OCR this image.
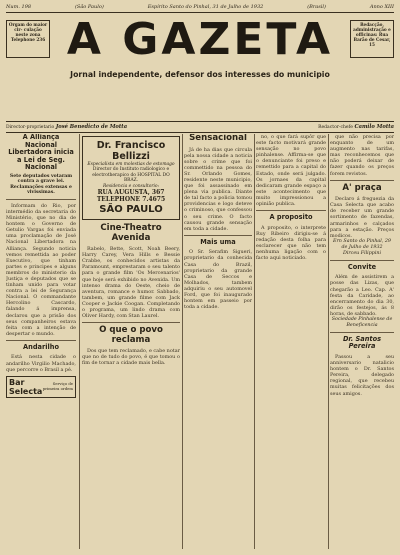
Num. 198	(São Paulo)	Espírito Santo do Pinhal, 31 de Julho de 1932	(Brasil)	Anno XIII
Orgam do maior cir- culação neste zona Telephone 236 A GAZETA	Redacção, administração e officinas: Rua Barão de Cesar, 15
Jornal independente, defensor dos interesses do municipio
Director-proprietario José Benedicto de Motta	Redactor-chefe Camilo Motta
A Alliança Nacional Libertadora inicia a Lei de Seg. Nacional
Sete deputados votaram contra a grave lei. Reclamações extensas e vivissimas.
Informam do Rio, por intermédio da secretaria do Ministério, que no dia de hontem o Governo de Getulio Vargas foi enviada uma proclamação de José Nacional Libertadora na Alliança. Segundo noticia vemos remettida ao poder Executivo, que tinham partes e principes e alguns membros do ministerio da Justiça e deputados que se tinham unido para votar contra a lei de Segurança Nacional. O commandante Hercolino Cascardo, falando á imprensa, declarou que a prisão dos seus companheiros estava feita com a intenção de despertar o mundo.
Andarilho
Está nesta cidade o andarilho Virgilio Machado, que percorre o Brasil a pé.
Bar Selecta
Serviço de primeira ordem
Dr. Francisco Bellizzi
Especialista em molestias de estomago
Director do Instituto radiologico e electrotherapico do HOSPITAL DO BRAZ.
Residencia e consultorio:
RUA AUGUSTA, 367
TELEPHONE 7.4675
SÃO PAULO
Cine-Theatro Avenida
Rabelo, Bette, Scott, Noah Beery, Harry Carey, Vera Hills e Bessie Crabbe, os conhecidos artistas da Paramount, emprestaram o seu talento para o grande film 'Os Mercenarios' que hoje será exhibido no Avenida. Um intenso drama do Oeste, cheio de aventura, romance e humor. Sabbado, tambem, um grande filme com Jack Cooper e Jackie Coogan. Completando o programa, um lindo drama com Oliver Hardy, com Stan Laurel.
O que o povo reclama
Dos que tem reclamado, e cabe notar que no de tudo do povo, é que tomou o fim de tornar a cidade mais bella.
Sensacional
Já de ha dias que circula pela nossa cidade a noticia sobre o crime que foi commettido na pessoa do Sr. Orlando Gomes, residente neste municipio, que foi assassinado em plena via publica. Diante de tal facto a policia tomou providencias e logo deteve o criminoso, que confessou o seu crime. O facto causou grande sensação em toda a cidade.
Mais uma
O Sr. Serafim Sigueri, proprietario da conhecida Casa do Brazil, proprietario da grande Casa de Seccos e Molhados, tambem adquiriu o seu automovel Ford, que foi inaugurado hontem em passeio por toda a cidade.
no, o que fará supôr que este facto motivará grande sensação no povo pinhalense. Affirma-se que o denunciante foi preso e remettido para a capital do Estado, onde será julgado. Os jornaes da capital dedicaram grande espaço a este acontecimento que muito impressionou a opinião publica.
A proposito
A proposito, o interprete Ruy Ribeiro dirigiu-se á redação desta folha para esclarecer que não tem nenhuma ligação com o facto aqui noticiado.
que não precisa por enquanto de um augmento nas tarifas, mas reconhecemos que não poderá deixar de fazer quando os preços forem revistos.
A' praça
Declaro á freguezia da Casa Selecta que acabo de receber um grande sortimento de fazendas, armarinhos e calçados para a estação. Preços modicos.
Ern Santo do Pinhal, 29 de Julho de 1932
Dirceu Filippini
Convite
Além de assistirem a posse das Lizas, que chegarão a Leo. Cap. A' festa da Caridade, ao encerramento do dia 30, dirão os festejos, ás 8 horas, de sabbado.
Sociedade Pinhalense de Beneficencia
Dr. Santos Pereira
Passou a seu anniversario natalicio hontem o Dr. Santos Pereira, delegado regional, que recebeu muitas felicitações dos seus amigos.
